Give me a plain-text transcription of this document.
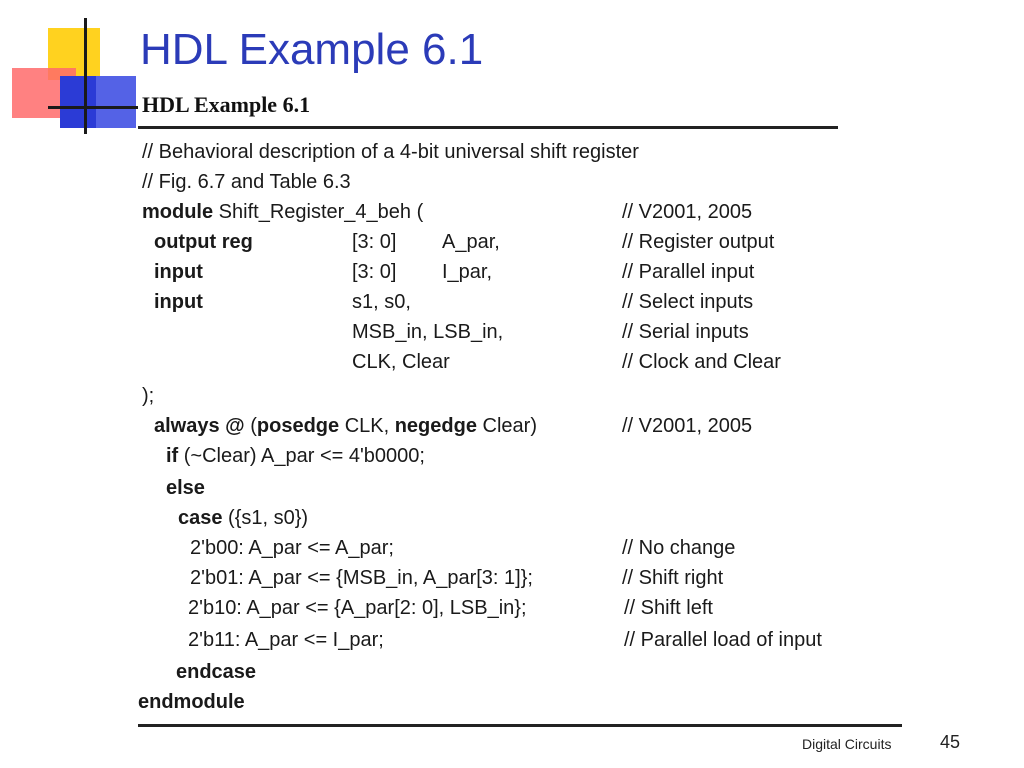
HDL Example 6.1
HDL Example 6.1
// Behavioral description of a 4-bit universal shift register
// Fig. 6.7 and Table 6.3
module Shift_Register_4_beh (	// V2001, 2005
output reg	[3: 0] A_par,	// Register output
input	[3: 0] I_par,	// Parallel input
input	s1, s0,	// Select inputs
MSB_in, LSB_in,	// Serial inputs
CLK, Clear	// Clock and Clear
);
always @ (posedge CLK, negedge Clear)	// V2001, 2005
if (~Clear) A_par <= 4'b0000;
else
case ({s1, s0})
2'b00: A_par <= A_par;	// No change
2'b01: A_par <= {MSB_in, A_par[3: 1]};	// Shift right
2'b10: A_par <= {A_par[2: 0], LSB_in};	// Shift left
2'b11: A_par <= I_par;	// Parallel load of input
endcase
endmodule
Digital Circuits	45
